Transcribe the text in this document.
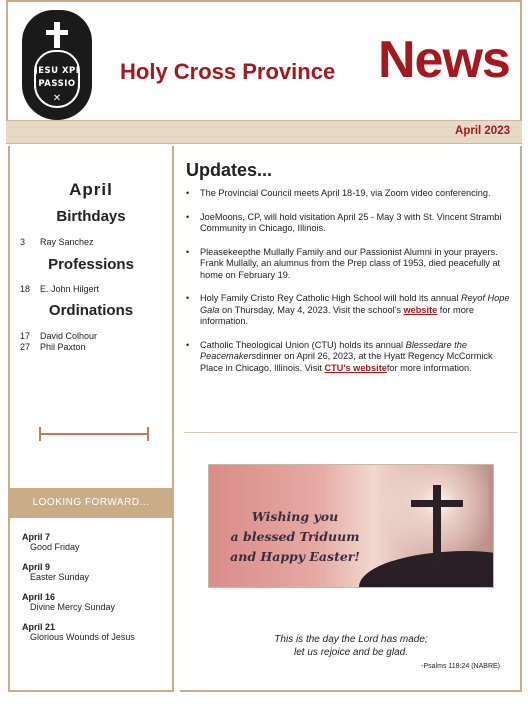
JESU XPI
PASSIO
✕
Holy Cross Province News
April 2023
April
Birthdays
3 Ray Sanchez
Professions
18 E. John Hilgert
Ordinations
17 David Colhour
27 Phil Paxton
LOOKING FORWARD...
April 7
Good Friday
April 9
Easter Sunday
April 16
Divine Mercy Sunday
April 21
Glorious Wounds of Jesus
Updates...
• The Provincial Council meets April 18-19, via Zoom video conferencing.
• JoeMoons, CP, will hold visitation April 25 - May 3 with St. Vincent Strambi Community in Chicago, Illinois.
• Pleasekeepthe Mullally Family and our Passionist Alumni in your prayers. Frank Mullally, an alumnus from the Prep class of 1953, died peacefully at home on February 19.
• Holy Family Cristo Rey Catholic High School will hold its annual Reyof Hope Gala on Thursday, May 4, 2023. Visit the school's website for more information.
• Catholic Theological Union (CTU) holds its annual Blessedare the Peacemakersdinner on April 26, 2023, at the Hyatt Regency McCormick Place in Chicago, Illinois. Visit CTU's websitefor more information.
Wishing you
a blessed Triduum
and Happy Easter!
This is the day the Lord has made;
let us rejoice and be glad.
-Psalms 118:24 (NABRE)
